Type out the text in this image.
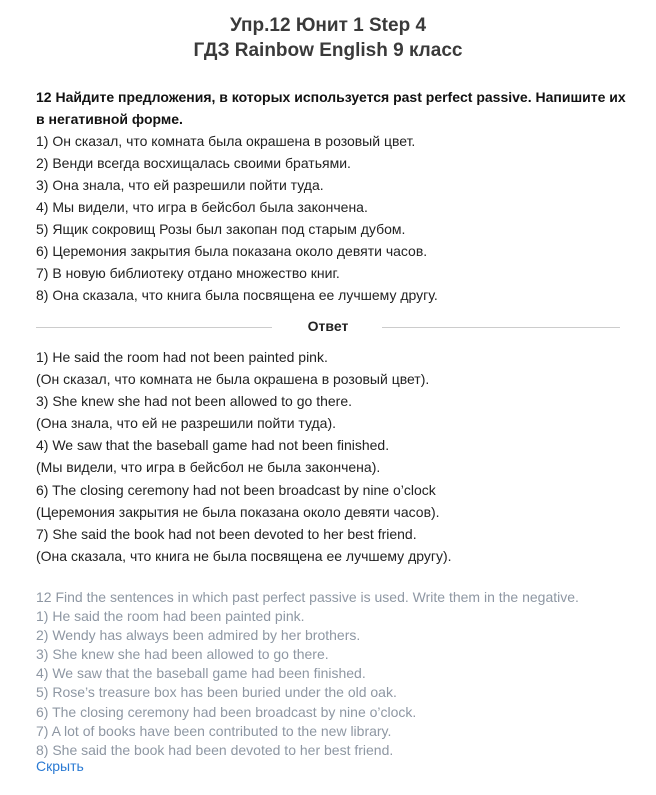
Упр.12 Юнит 1 Step 4
ГДЗ Rainbow English 9 класс

12 Найдите предложения, в которых используется past perfect passive. Напишите их

в негативной форме.

1) Он сказал, что комната была окрашена в розовый цвет.

2) Венди всегда восхищалась своими братьями.

3) Она знала, что ей разрешили пойти туда.

4) Мы видели, что игра в бейсбол была закончена.

5) Ящик сокровищ Розы был закопан под старым дубом.

6) Церемония закрытия была показана около девяти часов.

7) В новую библиотеку отдано множество книг.

8) Она сказала, что книга была посвящена ее лучшему другу.

Ответ

1) He said the room had not been painted pink.

(Он сказал, что комната не была окрашена в розовый цвет).

3) She knew she had not been allowed to go there.

(Она знала, что ей не разрешили пойти туда).

4) We saw that the baseball game had not been finished.

(Мы видели, что игра в бейсбол не была закончена).

6) The closing ceremony had not been broadcast by nine o’clock

(Церемония закрытия не была показана около девяти часов).

7) She said the book had not been devoted to her best friend.

(Она сказала, что книга не была посвящена ее лучшему другу).

12 Find the sentences in which past perfect passive is used. Write them in the negative.

1) He said the room had been painted pink.

2) Wendy has always been admired by her brothers.

3) She knew she had been allowed to go there.

4) We saw that the baseball game had been finished.

5) Rose’s treasure box has been buried under the old oak.

6) The closing ceremony had been broadcast by nine o’clock.

7) A lot of books have been contributed to the new library.

8) She said the book had been devoted to her best friend.

Скрыть
